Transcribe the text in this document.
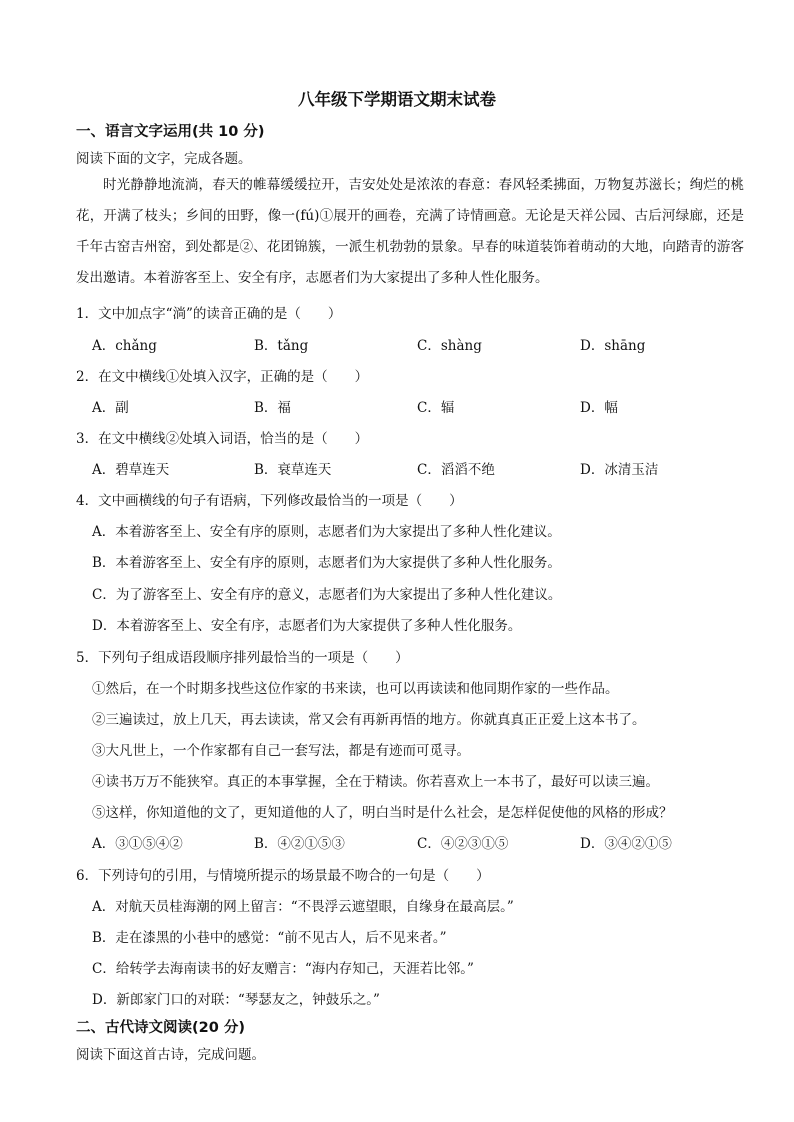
八年级下学期语文期末试卷
一、语言文字运用(共 10 分)
阅读下面的文字，完成各题。
时光静静地流淌，春天的帷幕缓缓拉开，吉安处处是浓浓的春意：春风轻柔拂面，万物复苏滋长；绚烂的桃花，开满了枝头；乡间的田野，像一(fú)①展开的画卷，充满了诗情画意。无论是天祥公园、古后河绿廊，还是千年古窑吉州窑，到处都是②、花团锦簇，一派生机勃勃的景象。早春的味道装饰着萌动的大地，向踏青的游客发出邀请。本着游客至上、安全有序，志愿者们为大家提出了多种人性化服务。
1．文中加点字“淌”的读音正确的是（　　）
A．chǎng	B．tǎng	C．shàng	D．shāng
2．在文中横线①处填入汉字，正确的是（　　）
A．副	B．福	C．辐	D．幅
3．在文中横线②处填入词语，恰当的是（　　）
A．碧草连天	B．衰草连天	C．滔滔不绝	D．冰清玉洁
4．文中画横线的句子有语病，下列修改最恰当的一项是（　　）
A．本着游客至上、安全有序的原则，志愿者们为大家提出了多种人性化建议。
B．本着游客至上、安全有序的原则，志愿者们为大家提供了多种人性化服务。
C．为了游客至上、安全有序的意义，志愿者们为大家提出了多种人性化建议。
D．本着游客至上、安全有序，志愿者们为大家提供了多种人性化服务。
5．下列句子组成语段顺序排列最恰当的一项是（　　）
①然后，在一个时期多找些这位作家的书来读，也可以再读读和他同期作家的一些作品。
②三遍读过，放上几天，再去读读，常又会有再新再悟的地方。你就真真正正爱上这本书了。
③大凡世上，一个作家都有自己一套写法，都是有迹而可觅寻。
④读书万万不能狭窄。真正的本事掌握，全在于精读。你若喜欢上一本书了，最好可以读三遍。
⑤这样，你知道他的文了，更知道他的人了，明白当时是什么社会，是怎样促使他的风格的形成？
A．③①⑤④②	B．④②①⑤③	C．④②③①⑤	D．③④②①⑤
6．下列诗句的引用，与情境所提示的场景最不吻合的一句是（　　）
A．对航天员桂海潮的网上留言：“不畏浮云遮望眼，自缘身在最高层。”
B．走在漆黑的小巷中的感觉：“前不见古人，后不见来者。”
C．给转学去海南读书的好友赠言：“海内存知己，天涯若比邻。”
D．新郎家门口的对联：“琴瑟友之，钟鼓乐之。”
二、古代诗文阅读(20 分)
阅读下面这首古诗，完成问题。
